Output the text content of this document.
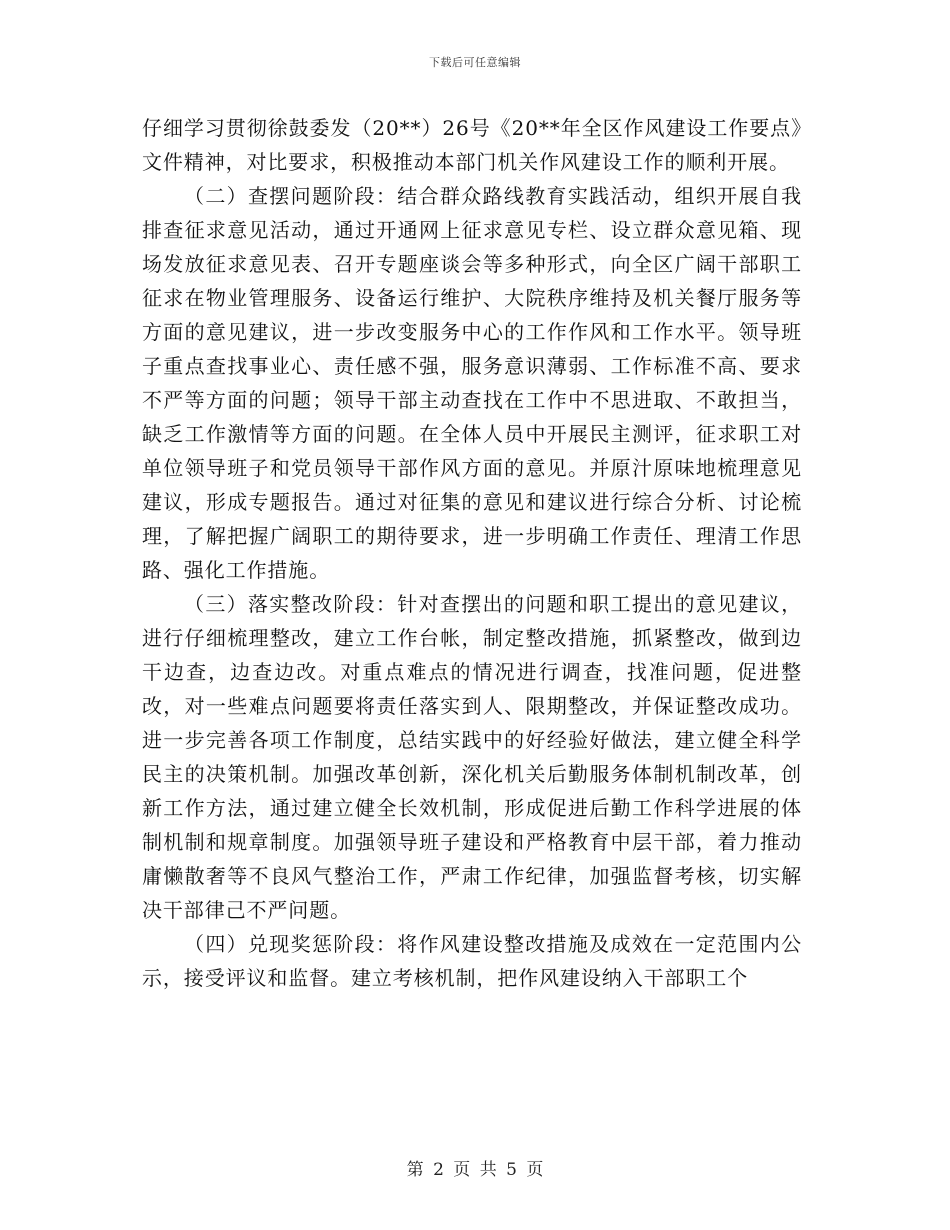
下载后可任意编辑

仔细学习贯彻徐鼓委发（20**）26号《20**年全区作风建设工作要点》文件精神，对比要求，积极推动本部门机关作风建设工作的顺利开展。

（二）查摆问题阶段：结合群众路线教育实践活动，组织开展自我排查征求意见活动，通过开通网上征求意见专栏、设立群众意见箱、现场发放征求意见表、召开专题座谈会等多种形式，向全区广阔干部职工征求在物业管理服务、设备运行维护、大院秩序维持及机关餐厅服务等方面的意见建议，进一步改变服务中心的工作作风和工作水平。领导班子重点查找事业心、责任感不强，服务意识薄弱、工作标准不高、要求不严等方面的问题；领导干部主动查找在工作中不思进取、不敢担当，缺乏工作激情等方面的问题。在全体人员中开展民主测评，征求职工对单位领导班子和党员领导干部作风方面的意见。并原汁原味地梳理意见建议，形成专题报告。通过对征集的意见和建议进行综合分析、讨论梳理，了解把握广阔职工的期待要求，进一步明确工作责任、理清工作思路、强化工作措施。

（三）落实整改阶段：针对查摆出的问题和职工提出的意见建议，进行仔细梳理整改，建立工作台帐，制定整改措施，抓紧整改，做到边干边查，边查边改。对重点难点的情况进行调查，找准问题，促进整改，对一些难点问题要将责任落实到人、限期整改，并保证整改成功。进一步完善各项工作制度，总结实践中的好经验好做法，建立健全科学民主的决策机制。加强改革创新，深化机关后勤服务体制机制改革，创新工作方法，通过建立健全长效机制，形成促进后勤工作科学进展的体制机制和规章制度。加强领导班子建设和严格教育中层干部，着力推动庸懒散奢等不良风气整治工作，严肃工作纪律，加强监督考核，切实解决干部律己不严问题。

（四）兑现奖惩阶段：将作风建设整改措施及成效在一定范围内公示，接受评议和监督。建立考核机制，把作风建设纳入干部职工个

第 2 页 共 5 页
